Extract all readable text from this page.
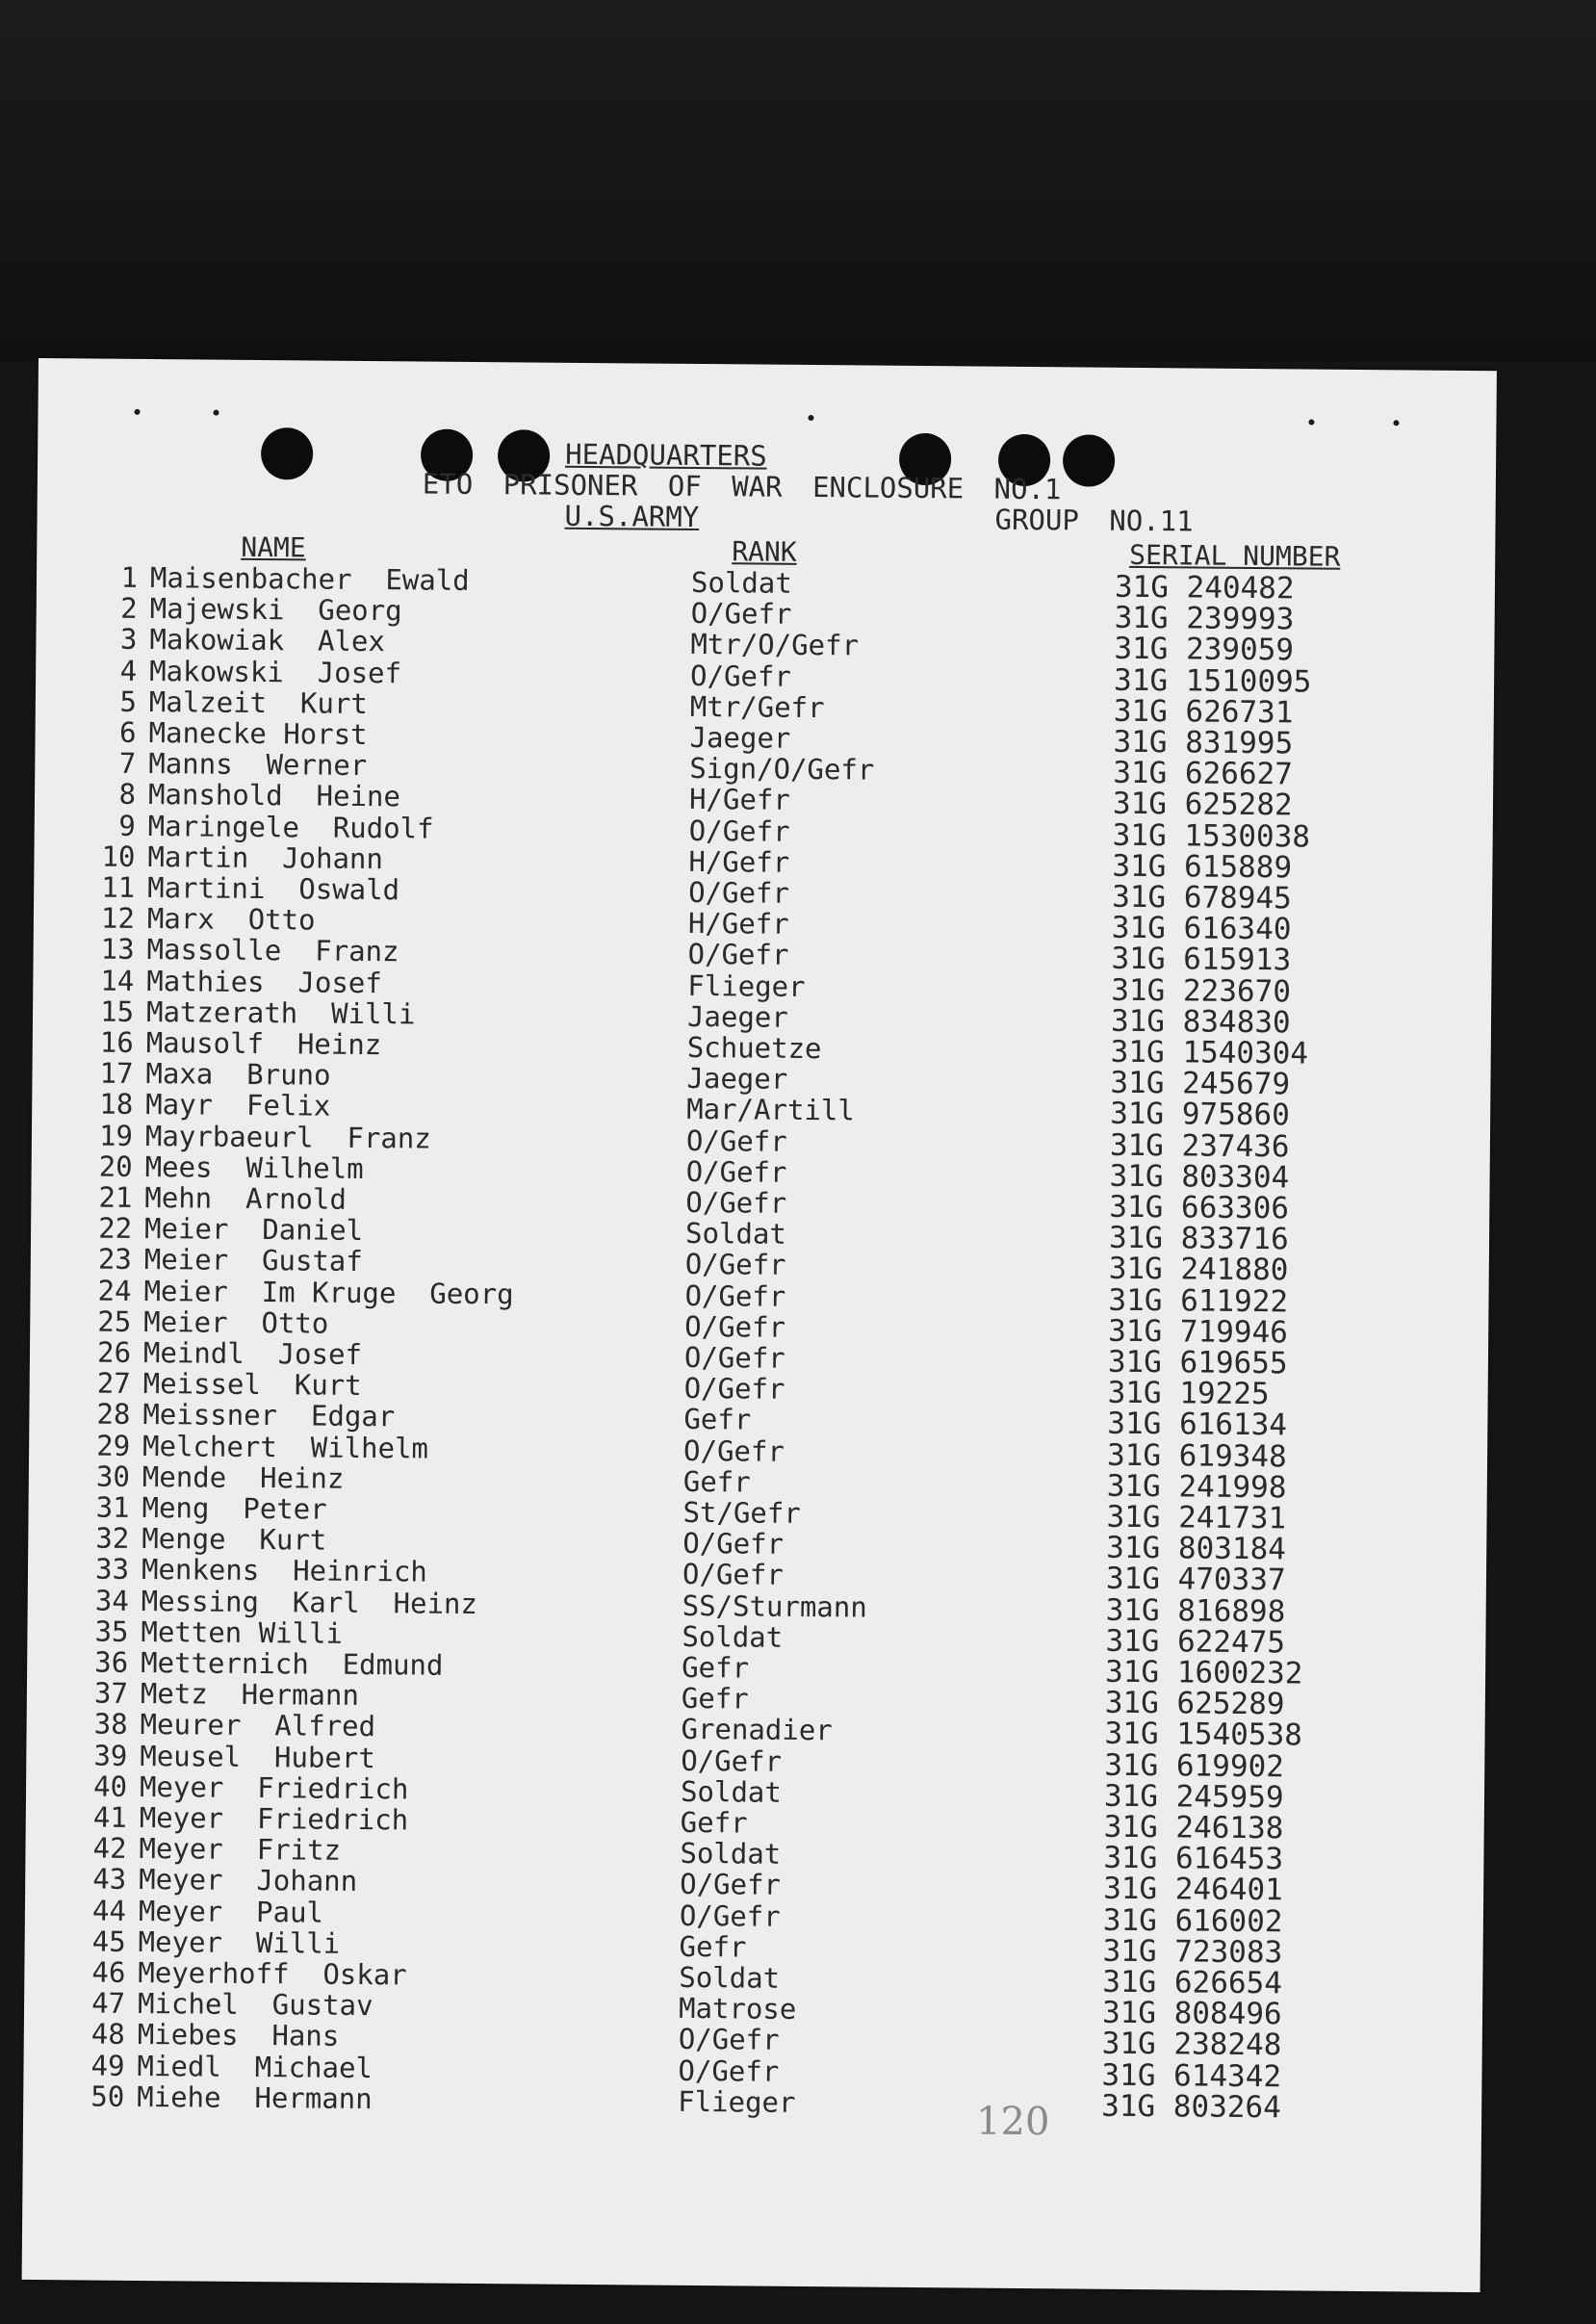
HEADQUARTERS
ETO PRISONER OF WAR ENCLOSURE NO.1
U.S.ARMY	GROUP NO.11
NAME	RANK	SERIAL NUMBER
1 Maisenbacher  Ewald	Soldat	31G 240482
2 Majewski  Georg	O/Gefr	31G 239993
3 Makowiak  Alex	Mtr/O/Gefr	31G 239059
4 Makowski  Josef	O/Gefr	31G 1510095
5 Malzeit  Kurt	Mtr/Gefr	31G 626731
6 Manecke Horst	Jaeger	31G 831995
7 Manns  Werner	Sign/O/Gefr	31G 626627
8 Manshold  Heine	H/Gefr	31G 625282
9 Maringele  Rudolf	O/Gefr	31G 1530038
10 Martin  Johann	H/Gefr	31G 615889
11 Martini  Oswald	O/Gefr	31G 678945
12 Marx  Otto	H/Gefr	31G 616340
13 Massolle  Franz	O/Gefr	31G 615913
14 Mathies  Josef	Flieger	31G 223670
15 Matzerath  Willi	Jaeger	31G 834830
16 Mausolf  Heinz	Schuetze	31G 1540304
17 Maxa  Bruno	Jaeger	31G 245679
18 Mayr  Felix	Mar/Artill	31G 975860
19 Mayrbaeurl  Franz	O/Gefr	31G 237436
20 Mees  Wilhelm	O/Gefr	31G 803304
21 Mehn  Arnold	O/Gefr	31G 663306
22 Meier  Daniel	Soldat	31G 833716
23 Meier  Gustaf	O/Gefr	31G 241880
24 Meier  Im Kruge  Georg	O/Gefr	31G 611922
25 Meier  Otto	O/Gefr	31G 719946
26 Meindl  Josef	O/Gefr	31G 619655
27 Meissel  Kurt	O/Gefr	31G 19225
28 Meissner  Edgar	Gefr	31G 616134
29 Melchert  Wilhelm	O/Gefr	31G 619348
30 Mende  Heinz	Gefr	31G 241998
31 Meng  Peter	St/Gefr	31G 241731
32 Menge  Kurt	O/Gefr	31G 803184
33 Menkens  Heinrich	O/Gefr	31G 470337
34 Messing  Karl  Heinz	SS/Sturmann	31G 816898
35 Metten Willi	Soldat	31G 622475
36 Metternich  Edmund	Gefr	31G 1600232
37 Metz  Hermann	Gefr	31G 625289
38 Meurer  Alfred	Grenadier	31G 1540538
39 Meusel  Hubert	O/Gefr	31G 619902
40 Meyer  Friedrich	Soldat	31G 245959
41 Meyer  Friedrich	Gefr	31G 246138
42 Meyer  Fritz	Soldat	31G 616453
43 Meyer  Johann	O/Gefr	31G 246401
44 Meyer  Paul	O/Gefr	31G 616002
45 Meyer  Willi	Gefr	31G 723083
46 Meyerhoff  Oskar	Soldat	31G 626654
47 Michel  Gustav	Matrose	31G 808496
48 Miebes  Hans	O/Gefr	31G 238248
49 Miedl  Michael	O/Gefr	31G 614342
50 Miehe  Hermann	Flieger	31G 803264
120
